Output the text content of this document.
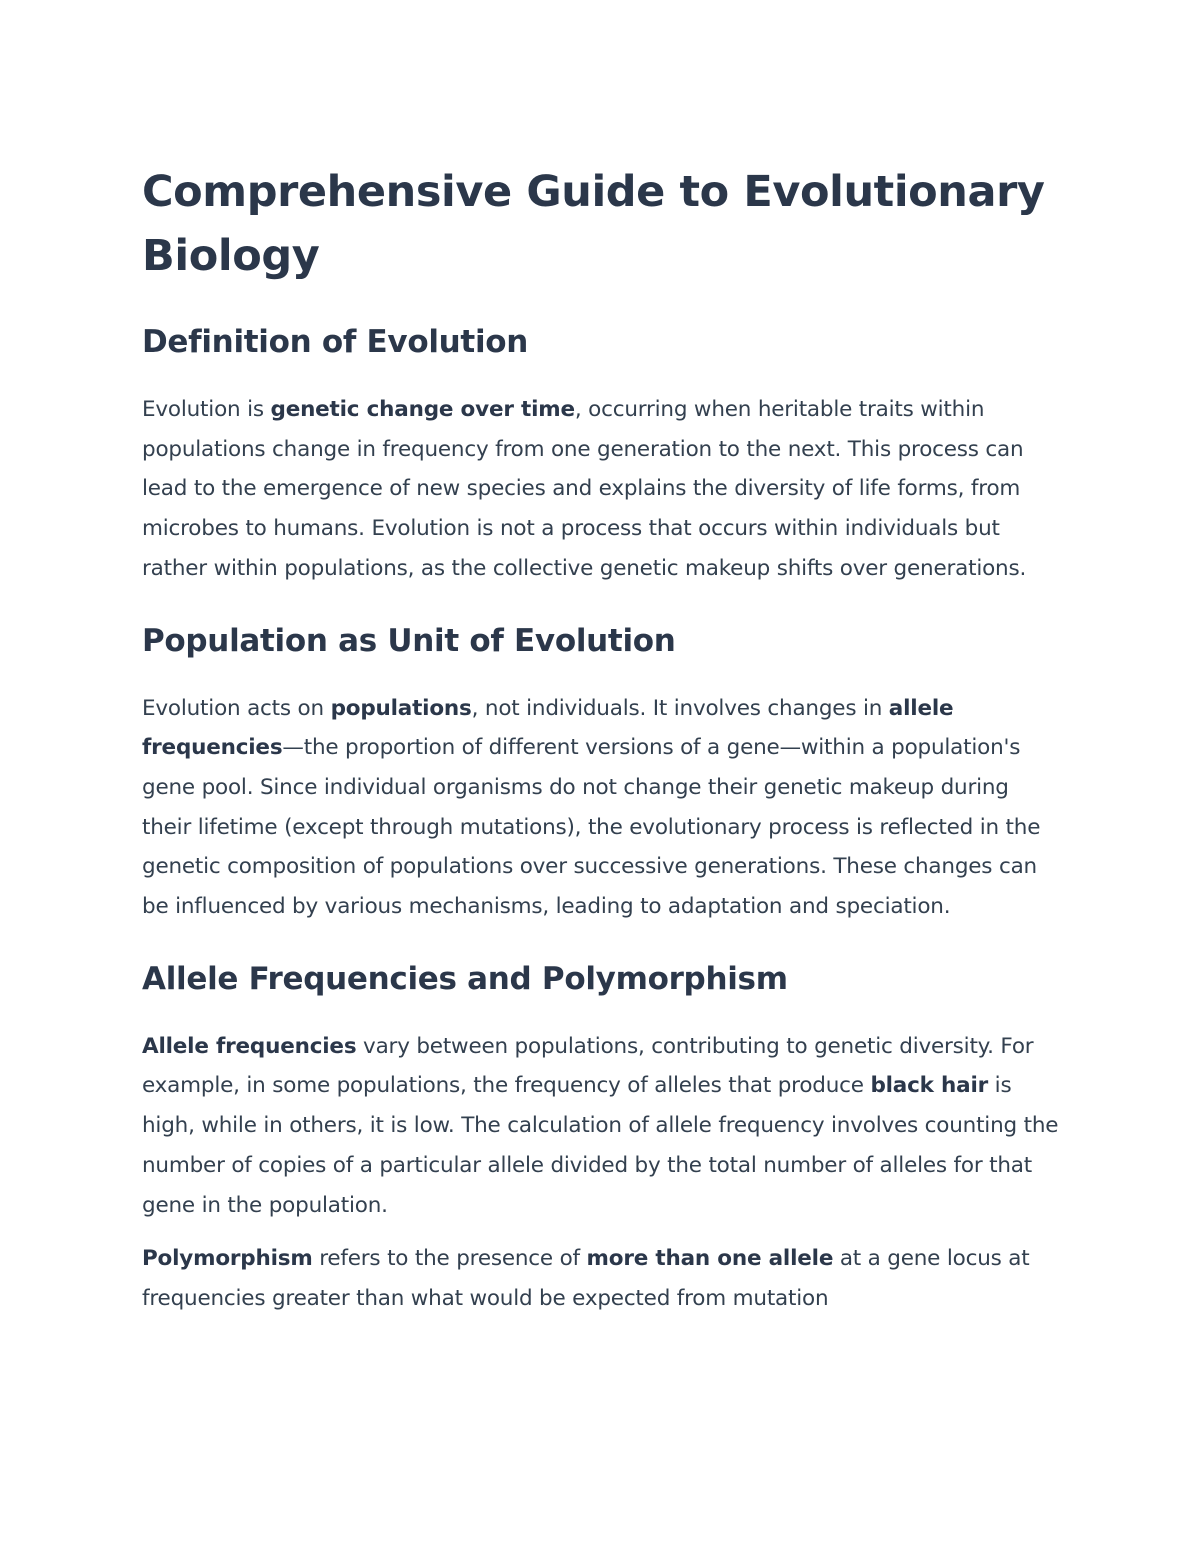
Comprehensive Guide to Evolutionary Biology
Definition of Evolution

Evolution is genetic change over time, occurring when heritable traits within populations change in frequency from one generation to the next. This process can lead to the emergence of new species and explains the diversity of life forms, from microbes to humans. Evolution is not a process that occurs within individuals but rather within populations, as the collective genetic makeup shifts over generations.

Population as Unit of Evolution

Evolution acts on populations, not individuals. It involves changes in allele frequencies—the proportion of different versions of a gene—within a population's gene pool. Since individual organisms do not change their genetic makeup during their lifetime (except through mutations), the evolutionary process is reflected in the genetic composition of populations over successive generations. These changes can be influenced by various mechanisms, leading to adaptation and speciation.

Allele Frequencies and Polymorphism

Allele frequencies vary between populations, contributing to genetic diversity. For example, in some populations, the frequency of alleles that produce black hair is high, while in others, it is low. The calculation of allele frequency involves counting the number of copies of a particular allele divided by the total number of alleles for that gene in the population.

Polymorphism refers to the presence of more than one allele at a gene locus at frequencies greater than what would be expected from mutation
